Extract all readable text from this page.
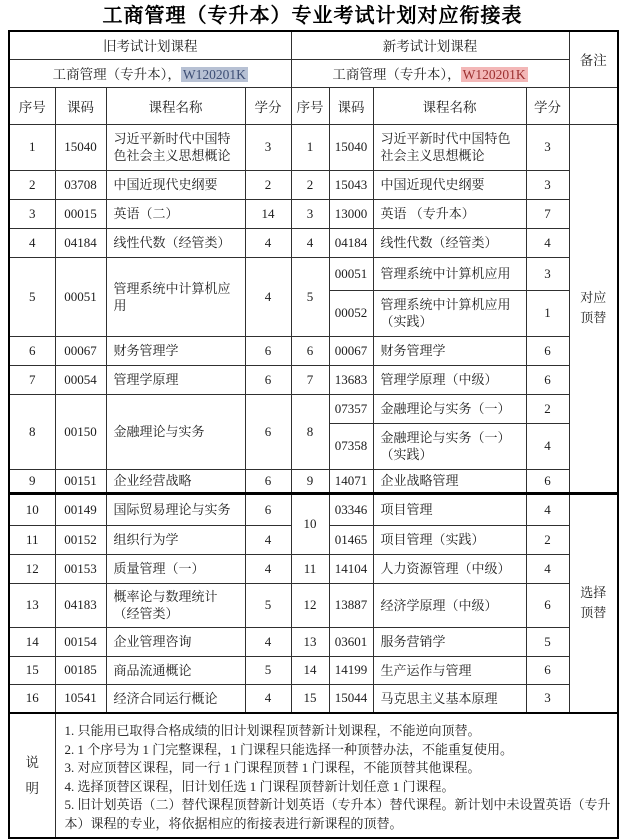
工商管理（专升本）专业考试计划对应衔接表
旧考试计划课程				新考试计划课程				备注
工商管理（专升本）， W120201K				工商管理（专升本）， W120201K				
序号	课码	课程名称	学分	序号	课码	课程名称	学分	
1	15040	习近平新时代中国特色社会主义思想概论	3	1	15040	习近平新时代中国特色社会主义思想概论	3	对应
顶替

2	03708	中国近现代史纲要	2	2	15043	中国近现代史纲要	3	
3	00015	英语（二）	14	3	13000	英语 （专升本）	7	
4	04184	线性代数（经管类）	4	4	04184	线性代数（经管类）	4	
5	00051	管理系统中计算机应用	4	5	00051	管理系统中计算机应用	3	
					00052	管理系统中计算机应用（实践）	1	
6	00067	财务管理学	6	6	00067	财务管理学	6	
7	00054	管理学原理	6	7	13683	管理学原理（中级）	6	
8	00150	金融理论与实务	6	8	07357	金融理论与实务（一）	2	
					07358	金融理论与实务（一）（实践）	4	
9	00151	企业经营战略	6	9	14071	企业战略管理	6	
10	00149	国际贸易理论与实务	6	10	03346	项目管理	4	选择
顶替

11	00152	组织行为学	4		01465	项目管理（实践）	2	
12	00153	质量管理（一）	4	11	14104	人力资源管理（中级）	4	
13	04183	概率论与数理统计（经管类）	5	12	13887	经济学原理（中级）	6	
14	00154	企业管理咨询	4	13	03601	服务营销学	5	
15	00185	商品流通概论	5	14	14199	生产运作与管理	6	
16	10541	经济合同运行概论	4	15	15044	马克思主义基本原理	3	

说
明

1. 只能用已取得合格成绩的旧计划课程顶替新计划课程，不能逆向顶替。
2. 1 个序号为 1 门完整课程，1 门课程只能选择一种顶替办法，不能重复使用。
3. 对应顶替区课程，同一行 1 门课程顶替 1 门课程，不能顶替其他课程。
4. 选择顶替区课程，旧计划任选 1 门课程顶替新计划任意 1 门课程。
5. 旧计划英语（二）替代课程顶替新计划英语（专升本）替代课程。新计划中未设置英语（专升本）课程的专业，将依据相应的衔接表进行新课程的顶替。
